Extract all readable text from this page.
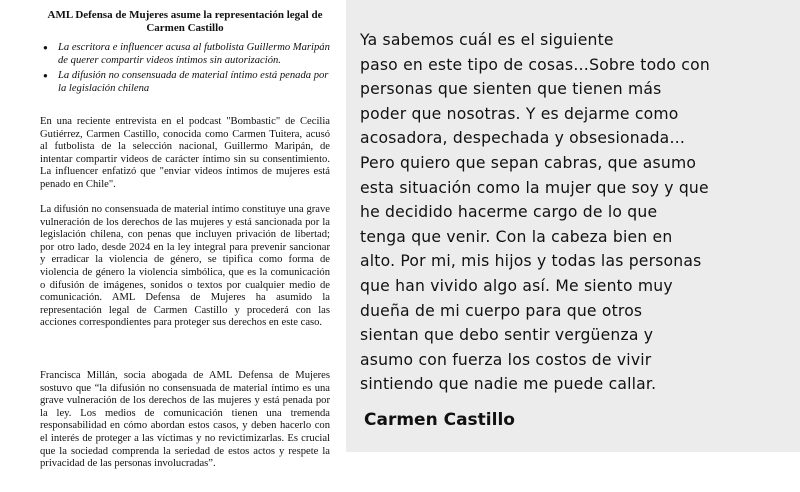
AML Defensa de Mujeres asume la representación legal de
Carmen Castillo
● La escritora e influencer acusa al futbolista Guillermo Maripán de querer compartir videos íntimos sin autorización.
● La difusión no consensuada de material íntimo está penada por la legislación chilena

En una reciente entrevista en el podcast "Bombastic" de Cecilia Gutiérrez, Carmen Castillo, conocida como Carmen Tuitera, acusó al futbolista de la selección nacional, Guillermo Maripán, de intentar compartir videos de carácter íntimo sin su consentimiento. La influencer enfatizó que "enviar videos íntimos de mujeres está penado en Chile".

La difusión no consensuada de material íntimo constituye una grave vulneración de los derechos de las mujeres y está sancionada por la legislación chilena, con penas que incluyen privación de libertad; por otro lado, desde 2024 en la ley integral para prevenir sancionar y erradicar la violencia de género, se tipifica como forma de violencia de género la violencia simbólica, que es la comunicación o difusión de imágenes, sonidos o textos por cualquier medio de comunicación. AML Defensa de Mujeres ha asumido la representación legal de Carmen Castillo y procederá con las acciones correspondientes para proteger sus derechos en este caso.

Francisca Millán, socia abogada de AML Defensa de Mujeres sostuvo que “la difusión no consensuada de material íntimo es una grave vulneración de los derechos de las mujeres y está penada por la ley. Los medios de comunicación tienen una tremenda responsabilidad en cómo abordan estos casos, y deben hacerlo con el interés de proteger a las víctimas y no revictimizarlas. Es crucial que la sociedad comprenda la seriedad de estos actos y respete la privacidad de las personas involucradas”.

Ya sabemos cuál es el siguiente
paso en este tipo de cosas…Sobre todo con
personas que sienten que tienen más
poder que nosotras. Y es dejarme como
acosadora, despechada y obsesionada…
Pero quiero que sepan cabras, que asumo
esta situación como la mujer que soy y que
he decidido hacerme cargo de lo que
tenga que venir. Con la cabeza bien en
alto. Por mi, mis hijos y todas las personas
que han vivido algo así. Me siento muy
dueña de mi cuerpo para que otros
sientan que debo sentir vergüenza y
asumo con fuerza los costos de vivir
sintiendo que nadie me puede callar.

Carmen Castillo
